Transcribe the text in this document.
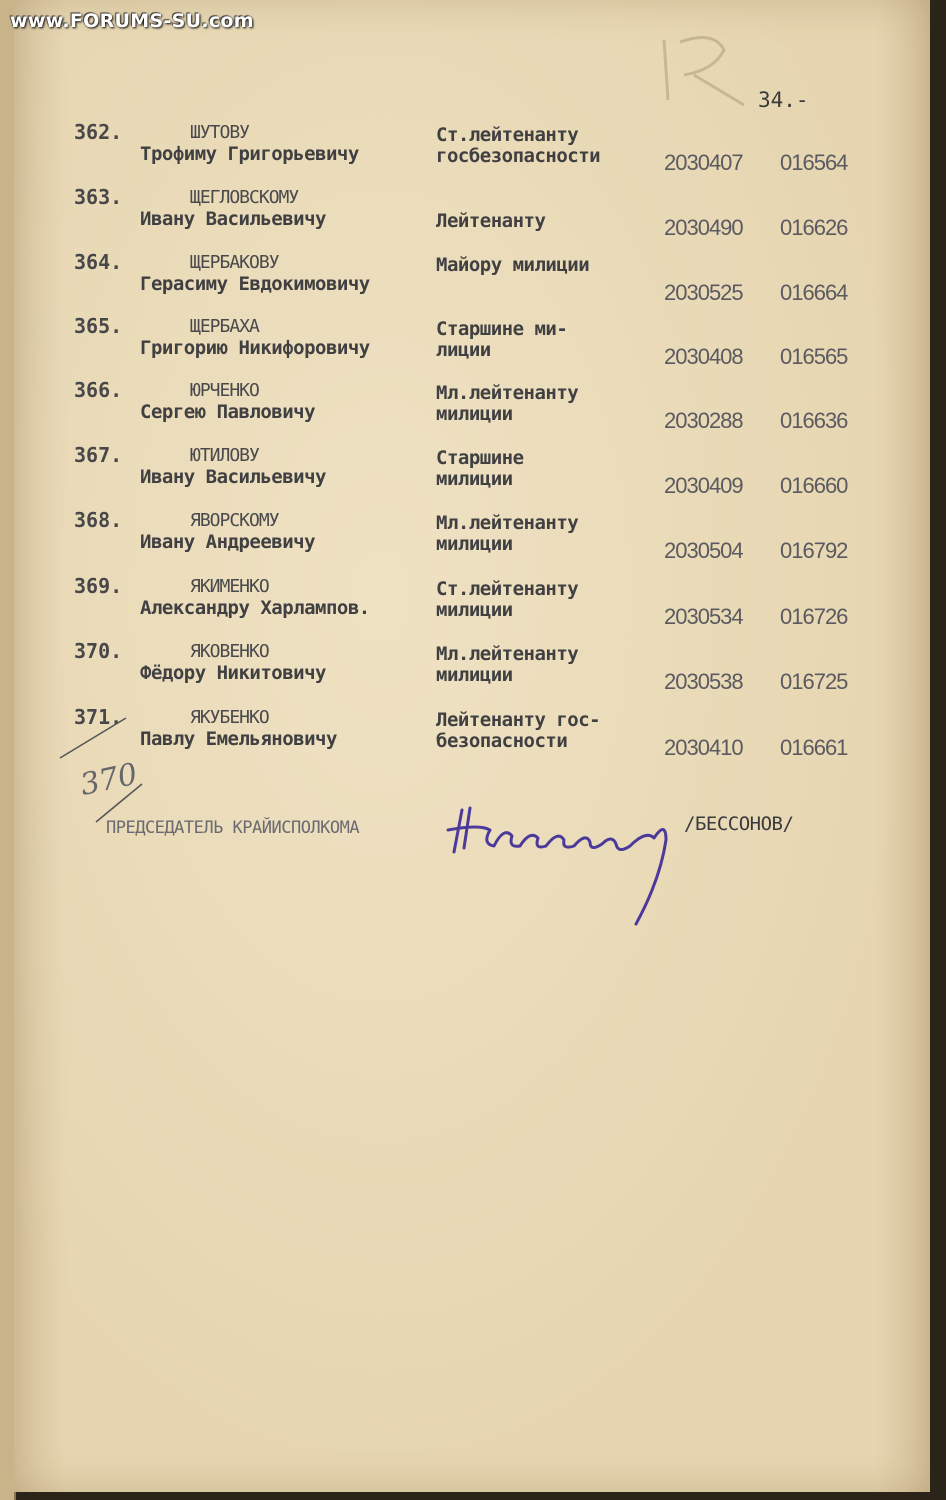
www.FORUMS-SU.com
34.-
362.	ШУТОВУ
Трофиму Григорьевичу
Ст.лейтенанту
госбезопасности	2030407 016564
363.	ЩЕГЛОВСКОМУ
Ивану Васильевичу	Лейтенанту	2030490 016626
364.	ЩЕРБАКОВУ
Герасиму Евдокимовичу
Майору милиции
2030525 016664
365.	ЩЕРБАХА
Григорию Никифоровичу
Старшине ми-
лиции	2030408 016565
366.	ЮРЧЕНКО
Сергею Павловичу
Мл.лейтенанту
милиции	2030288 016636
367.	ЮТИЛОВУ
Ивану Васильевичу
Старшине
милиции	2030409 016660
368.	ЯВОРСКОМУ
Ивану Андреевичу
Мл.лейтенанту
милиции	2030504 016792
369.	ЯКИМЕНКО
Александру Харлампов.
Ст.лейтенанту
милиции	2030534 016726
370.	ЯКОВЕНКО
Фёдору Никитовичу
Мл.лейтенанту
милиции	2030538 016725
371.	ЯКУБЕНКО
Павлу Емельяновичу
Лейтенанту гос-
безопасности	2030410 016661
370
ПРЕДСЕДАТЕЛЬ КРАЙИСПОЛКОМА	/БЕССОНОВ/
